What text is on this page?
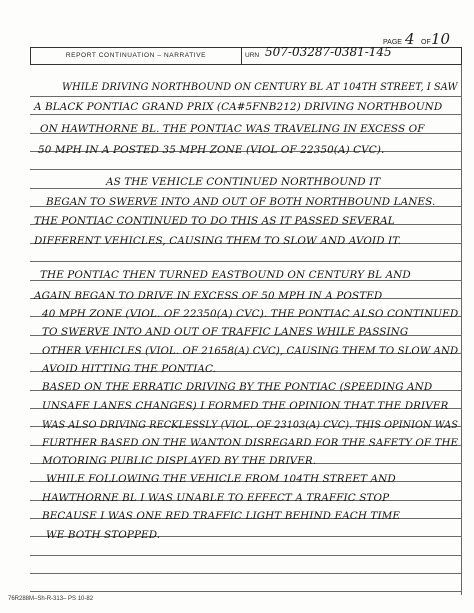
PAGE 4 OF 10
REPORT CONTINUATION – NARRATIVE	URN 507-03287-0381-145
WHILE DRIVING NORTHBOUND ON CENTURY BL AT 104TH STREET, I SAW
A BLACK PONTIAC GRAND PRIX (CA#5FNB212) DRIVING NORTHBOUND
ON HAWTHORNE BL. THE PONTIAC WAS TRAVELING IN EXCESS OF
50 MPH IN A POSTED 35 MPH ZONE (VIOL OF 22350(A) CVC).
AS THE VEHICLE CONTINUED NORTHBOUND IT
BEGAN TO SWERVE INTO AND OUT OF BOTH NORTHBOUND LANES.
THE PONTIAC CONTINUED TO DO THIS AS IT PASSED SEVERAL
DIFFERENT VEHICLES, CAUSING THEM TO SLOW AND AVOID IT.
THE PONTIAC THEN TURNED EASTBOUND ON CENTURY BL AND
AGAIN BEGAN TO DRIVE IN EXCESS OF 50 MPH IN A POSTED
40 MPH ZONE (VIOL. OF 22350(A) CVC). THE PONTIAC ALSO CONTINUED
TO SWERVE INTO AND OUT OF TRAFFIC LANES WHILE PASSING
OTHER VEHICLES (VIOL. OF 21658(A) CVC), CAUSING THEM TO SLOW AND
AVOID HITTING THE PONTIAC.
BASED ON THE ERRATIC DRIVING BY THE PONTIAC (SPEEDING AND
UNSAFE LANES CHANGES) I FORMED THE OPINION THAT THE DRIVER
WAS ALSO DRIVING RECKLESSLY (VIOL. OF 23103(A) CVC). THIS OPINION WAS
FURTHER BASED ON THE WANTON DISREGARD FOR THE SAFETY OF THE
MOTORING PUBLIC DISPLAYED BY THE DRIVER.
WHILE FOLLOWING THE VEHICLE FROM 104TH STREET AND
HAWTHORNE BL I WAS UNABLE TO EFFECT A TRAFFIC STOP
BECAUSE I WAS ONE RED TRAFFIC LIGHT BEHIND EACH TIME
WE BOTH STOPPED.
76R288M–Sh-R-313– PS 10-82
